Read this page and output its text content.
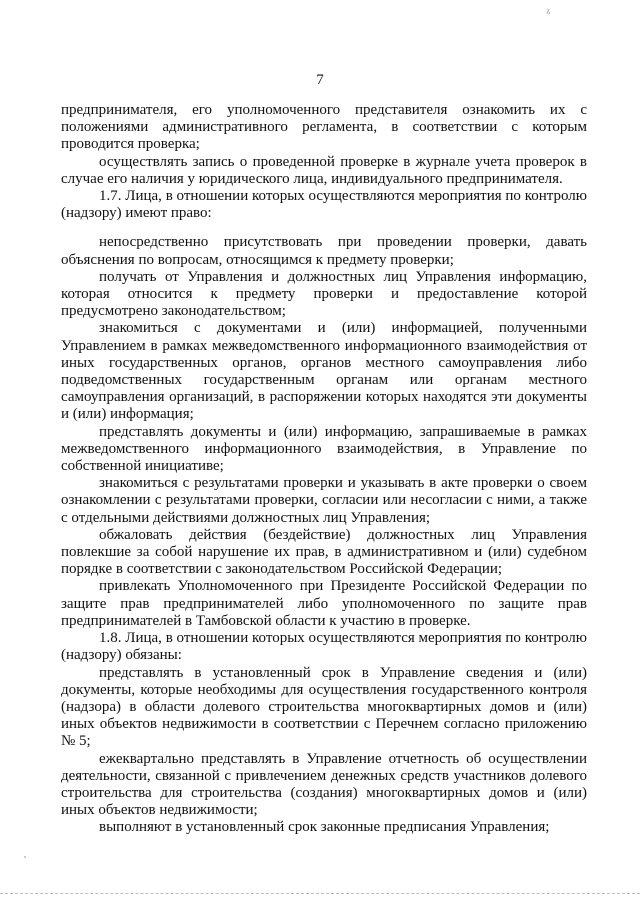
ъ
7

предпринимателя, его уполномоченного представителя ознакомить их с положениями административного регламента, в соответствии с которым проводится проверка;

осуществлять запись о проведенной проверке в журнале учета проверок в случае его наличия у юридического лица, индивидуального предпринимателя.

1.7. Лица, в отношении которых осуществляются мероприятия по контролю (надзору) имеют право:

непосредственно присутствовать при проведении проверки, давать объяснения по вопросам, относящимся к предмету проверки;

получать от Управления и должностных лиц Управления информацию, которая относится к предмету проверки и предоставление которой предусмотрено законодательством;

знакомиться с документами и (или) информацией, полученными Управлением в рамках межведомственного информационного взаимодействия от иных государственных органов, органов местного самоуправления либо подведомственных государственным органам или органам местного самоуправления организаций, в распоряжении которых находятся эти документы и (или) информация;

представлять документы и (или) информацию, запрашиваемые в рамках межведомственного информационного взаимодействия, в Управление по собственной инициативе;

знакомиться с результатами проверки и указывать в акте проверки о своем ознакомлении с результатами проверки, согласии или несогласии с ними, а также с отдельными действиями должностных лиц Управления;

обжаловать действия (бездействие) должностных лиц Управления повлекшие за собой нарушение их прав, в административном и (или) судебном порядке в соответствии с законодательством Российской Федерации;

привлекать Уполномоченного при Президенте Российской Федерации по защите прав предпринимателей либо уполномоченного по защите прав предпринимателей в Тамбовской области к участию в проверке.

1.8. Лица, в отношении которых осуществляются мероприятия по контролю (надзору) обязаны:

представлять в установленный срок в Управление сведения и (или) документы, которые необходимы для осуществления государственного контроля (надзора) в области долевого строительства многоквартирных домов и (или) иных объектов недвижимости в соответствии с Перечнем согласно приложению № 5;

ежеквартально представлять в Управление отчетность об осуществлении деятельности, связанной с привлечением денежных средств участников долевого строительства для строительства (создания) многоквартирных домов и (или) иных объектов недвижимости;

выполняют в установленный срок законные предписания Управления;
